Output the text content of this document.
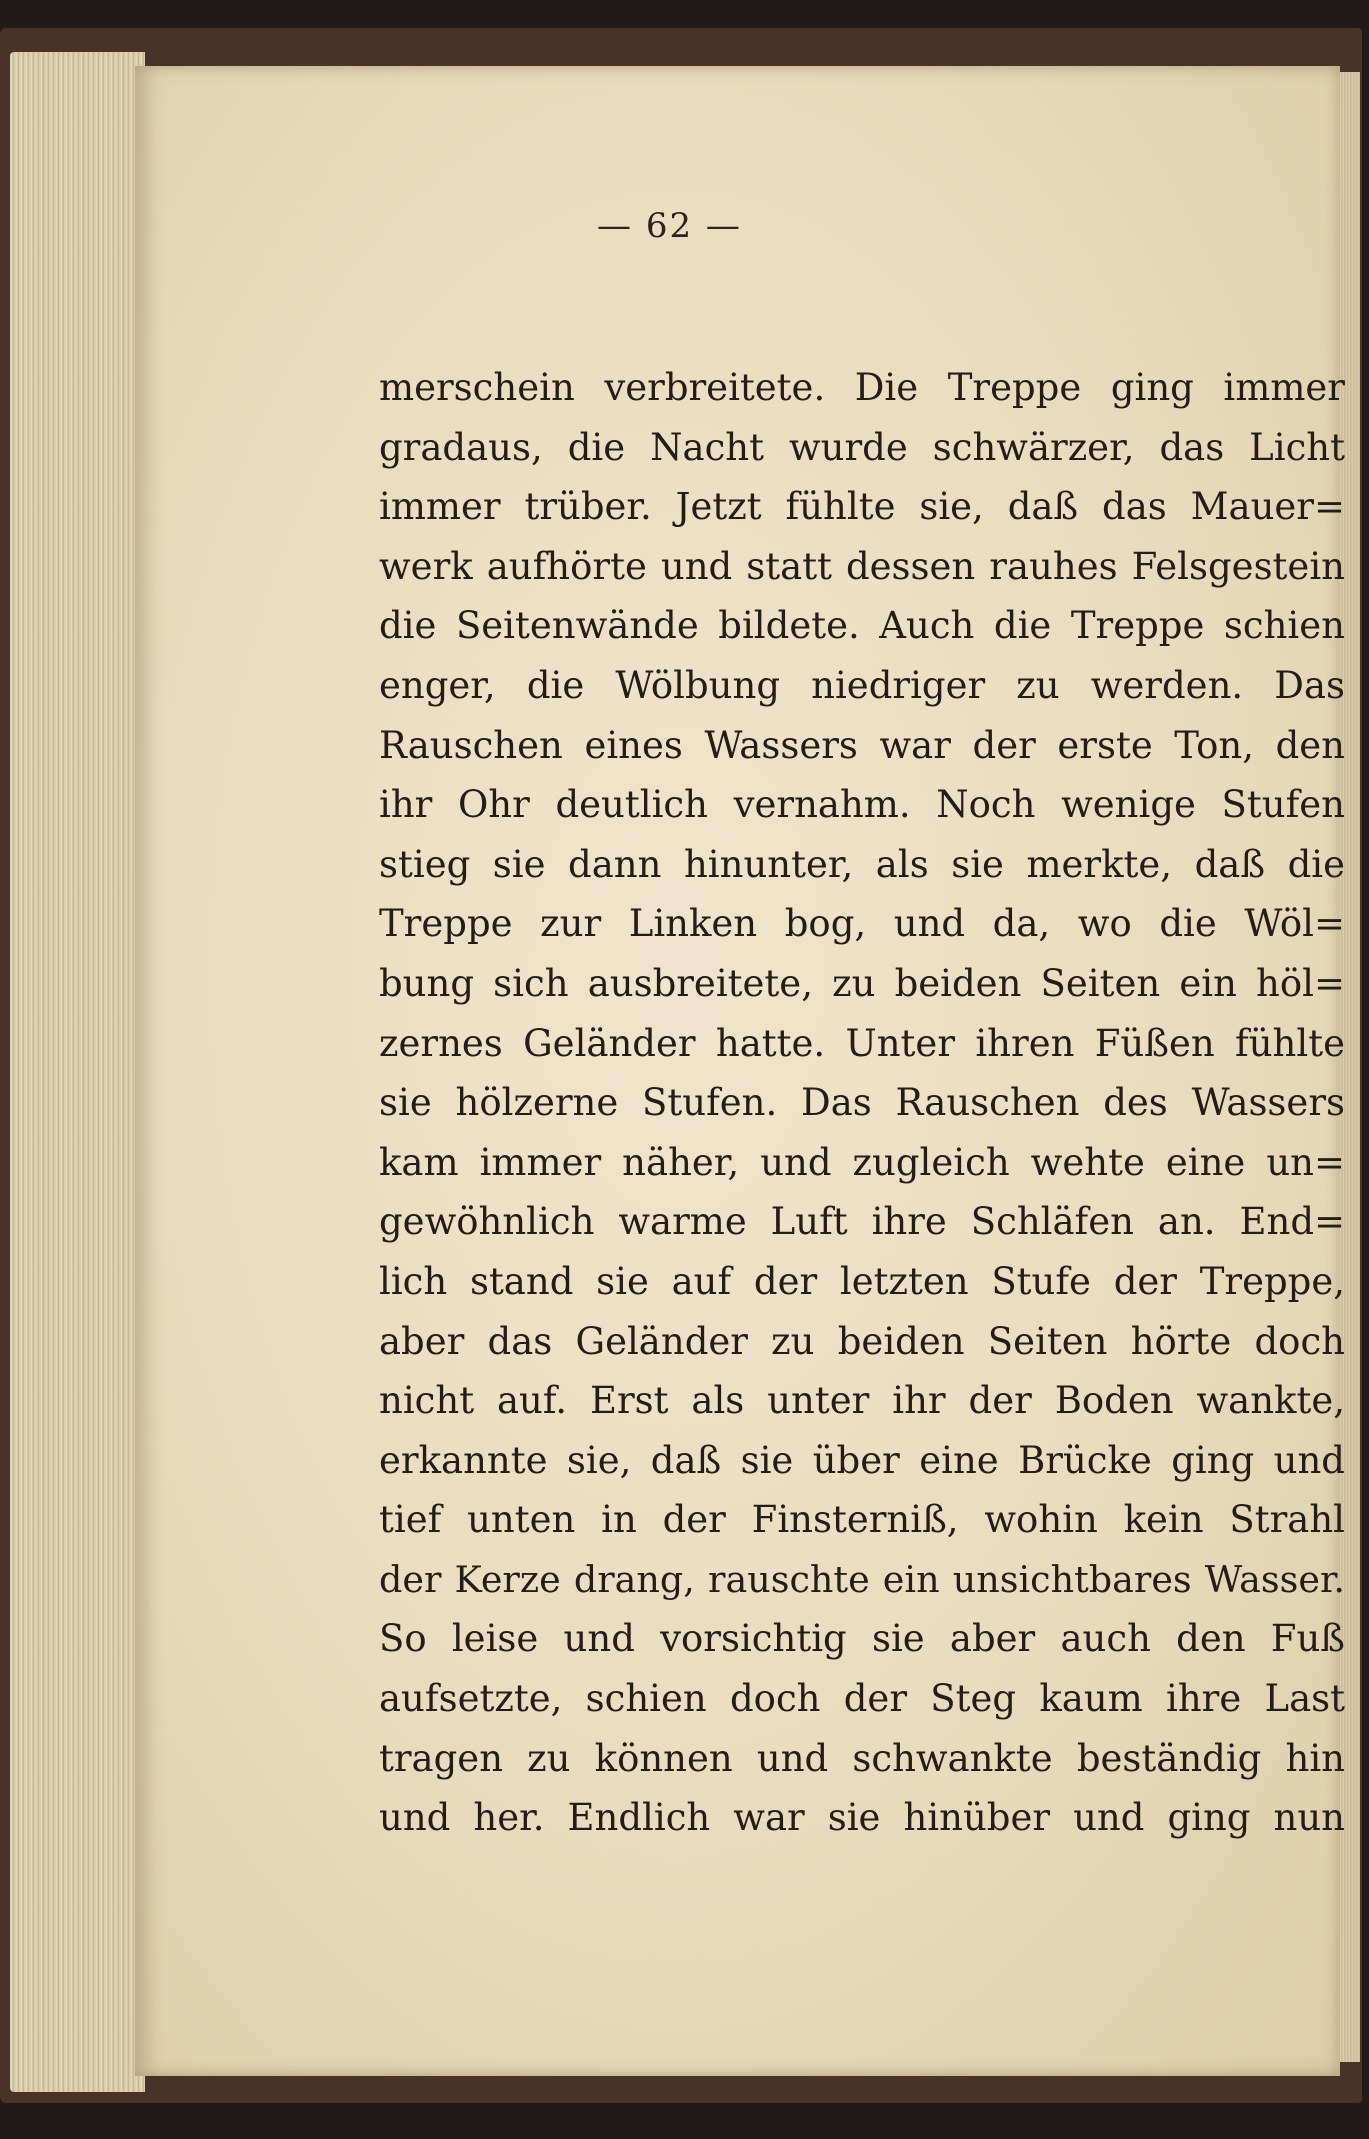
— 62 —
merschein verbreitete. Die Treppe ging immer
gradaus, die Nacht wurde schwärzer, das Licht
immer trüber. Jetzt fühlte sie, daß das Mauer=
werk aufhörte und statt dessen rauhes Felsgestein
die Seitenwände bildete. Auch die Treppe schien
enger, die Wölbung niedriger zu werden. Das
Rauschen eines Wassers war der erste Ton, den
ihr Ohr deutlich vernahm. Noch wenige Stufen
stieg sie dann hinunter, als sie merkte, daß die
Treppe zur Linken bog, und da, wo die Wöl=
bung sich ausbreitete, zu beiden Seiten ein höl=
zernes Geländer hatte. Unter ihren Füßen fühlte
sie hölzerne Stufen. Das Rauschen des Wassers
kam immer näher, und zugleich wehte eine un=
gewöhnlich warme Luft ihre Schläfen an. End=
lich stand sie auf der letzten Stufe der Treppe,
aber das Geländer zu beiden Seiten hörte doch
nicht auf. Erst als unter ihr der Boden wankte,
erkannte sie, daß sie über eine Brücke ging und
tief unten in der Finsterniß, wohin kein Strahl
der Kerze drang, rauschte ein unsichtbares Wasser.
So leise und vorsichtig sie aber auch den Fuß
aufsetzte, schien doch der Steg kaum ihre Last
tragen zu können und schwankte beständig hin
und her. Endlich war sie hinüber und ging nun
